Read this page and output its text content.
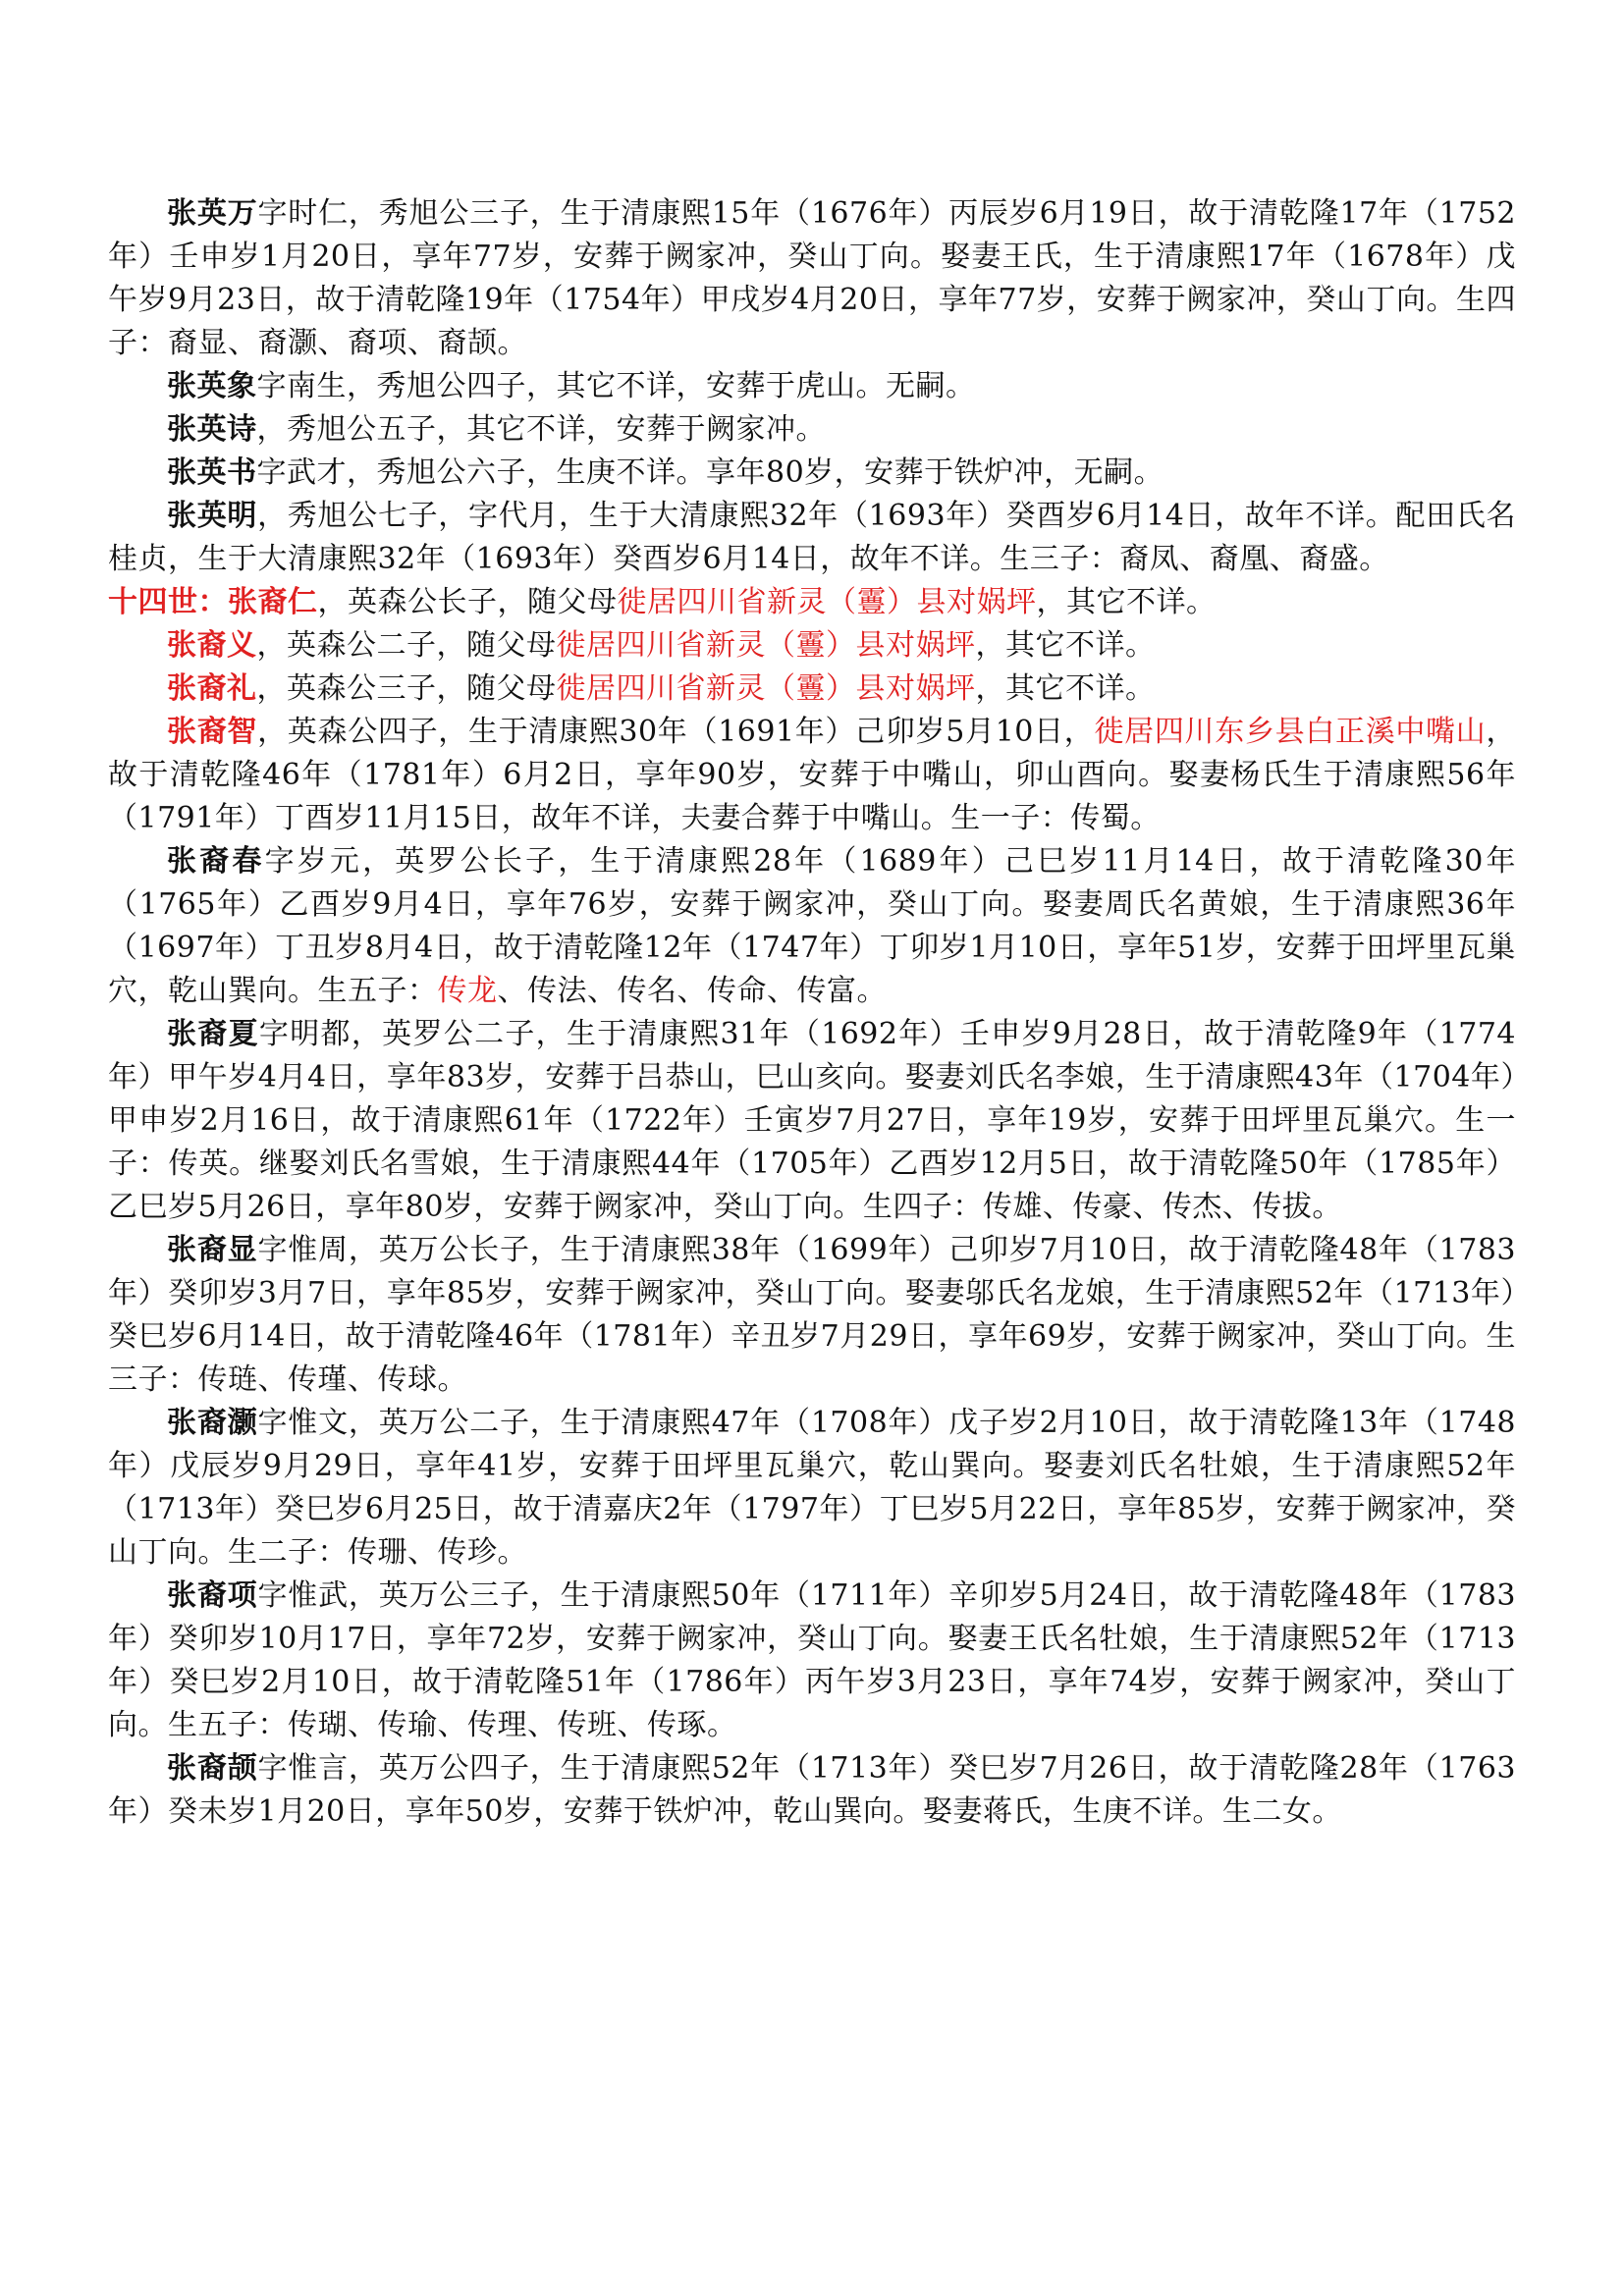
张英万字时仁，秀旭公三子，生于清康熙15年（1676年）丙辰岁6月19日，故于清乾隆17年（1752年）壬申岁1月20日，享年77岁，安葬于阙家冲，癸山丁向。娶妻王氏，生于清康熙17年（1678年）戊午岁9月23日，故于清乾隆19年（1754年）甲戌岁4月20日，享年77岁，安葬于阙家冲，癸山丁向。生四子：裔显、裔灏、裔项、裔颉。

张英象字南生，秀旭公四子，其它不详，安葬于虎山。无嗣。

张英诗，秀旭公五子，其它不详，安葬于阙家冲。

张英书字武才，秀旭公六子，生庚不详。享年80岁，安葬于铁炉冲，无嗣。

张英明，秀旭公七子，字代月，生于大清康熙32年（1693年）癸酉岁6月14日，故年不详。配田氏名桂贞，生于大清康熙32年（1693年）癸酉岁6月14日，故年不详。生三子：裔凤、裔凰、裔盛。

十四世：张裔仁，英森公长子，随父母徙居四川省新灵（霻）县对娲坪，其它不详。

张裔义，英森公二子，随父母徙居四川省新灵（霻）县对娲坪，其它不详。

张裔礼，英森公三子，随父母徙居四川省新灵（霻）县对娲坪，其它不详。

张裔智，英森公四子，生于清康熙30年（1691年）己卯岁5月10日，徙居四川东乡县白正溪中嘴山，故于清乾隆46年（1781年）6月2日，享年90岁，安葬于中嘴山，卯山酉向。娶妻杨氏生于清康熙56年（1791年）丁酉岁11月15日，故年不详，夫妻合葬于中嘴山。生一子：传蜀。

张裔春字岁元，英罗公长子，生于清康熙28年（1689年）己巳岁11月14日，故于清乾隆30年（1765年）乙酉岁9月4日，享年76岁，安葬于阙家冲，癸山丁向。娶妻周氏名黄娘，生于清康熙36年（1697年）丁丑岁8月4日，故于清乾隆12年（1747年）丁卯岁1月10日，享年51岁，安葬于田坪里瓦巢穴，乾山巽向。生五子：传龙、传法、传名、传命、传富。

张裔夏字明都，英罗公二子，生于清康熙31年（1692年）壬申岁9月28日，故于清乾隆9年（1774年）甲午岁4月4日，享年83岁，安葬于吕恭山，巳山亥向。娶妻刘氏名李娘，生于清康熙43年（1704年）甲申岁2月16日，故于清康熙61年（1722年）壬寅岁7月27日，享年19岁，安葬于田坪里瓦巢穴。生一子：传英。继娶刘氏名雪娘，生于清康熙44年（1705年）乙酉岁12月5日，故于清乾隆50年（1785年）乙巳岁5月26日，享年80岁，安葬于阙家冲，癸山丁向。生四子：传雄、传豪、传杰、传拔。

张裔显字惟周，英万公长子，生于清康熙38年（1699年）己卯岁7月10日，故于清乾隆48年（1783年）癸卯岁3月7日，享年85岁，安葬于阙家冲，癸山丁向。娶妻邬氏名龙娘，生于清康熙52年（1713年）癸巳岁6月14日，故于清乾隆46年（1781年）辛丑岁7月29日，享年69岁，安葬于阙家冲，癸山丁向。生三子：传琏、传瑾、传球。

张裔灏字惟文，英万公二子，生于清康熙47年（1708年）戊子岁2月10日，故于清乾隆13年（1748年）戊辰岁9月29日，享年41岁，安葬于田坪里瓦巢穴，乾山巽向。娶妻刘氏名牡娘，生于清康熙52年（1713年）癸巳岁6月25日，故于清嘉庆2年（1797年）丁巳岁5月22日，享年85岁，安葬于阙家冲，癸山丁向。生二子：传珊、传珍。

张裔项字惟武，英万公三子，生于清康熙50年（1711年）辛卯岁5月24日，故于清乾隆48年（1783年）癸卯岁10月17日，享年72岁，安葬于阙家冲，癸山丁向。娶妻王氏名牡娘，生于清康熙52年（1713年）癸巳岁2月10日，故于清乾隆51年（1786年）丙午岁3月23日，享年74岁，安葬于阙家冲，癸山丁向。生五子：传瑚、传瑜、传理、传班、传琢。

张裔颉字惟言，英万公四子，生于清康熙52年（1713年）癸巳岁7月26日，故于清乾隆28年（1763年）癸未岁1月20日，享年50岁，安葬于铁炉冲，乾山巽向。娶妻蒋氏，生庚不详。生二女。
